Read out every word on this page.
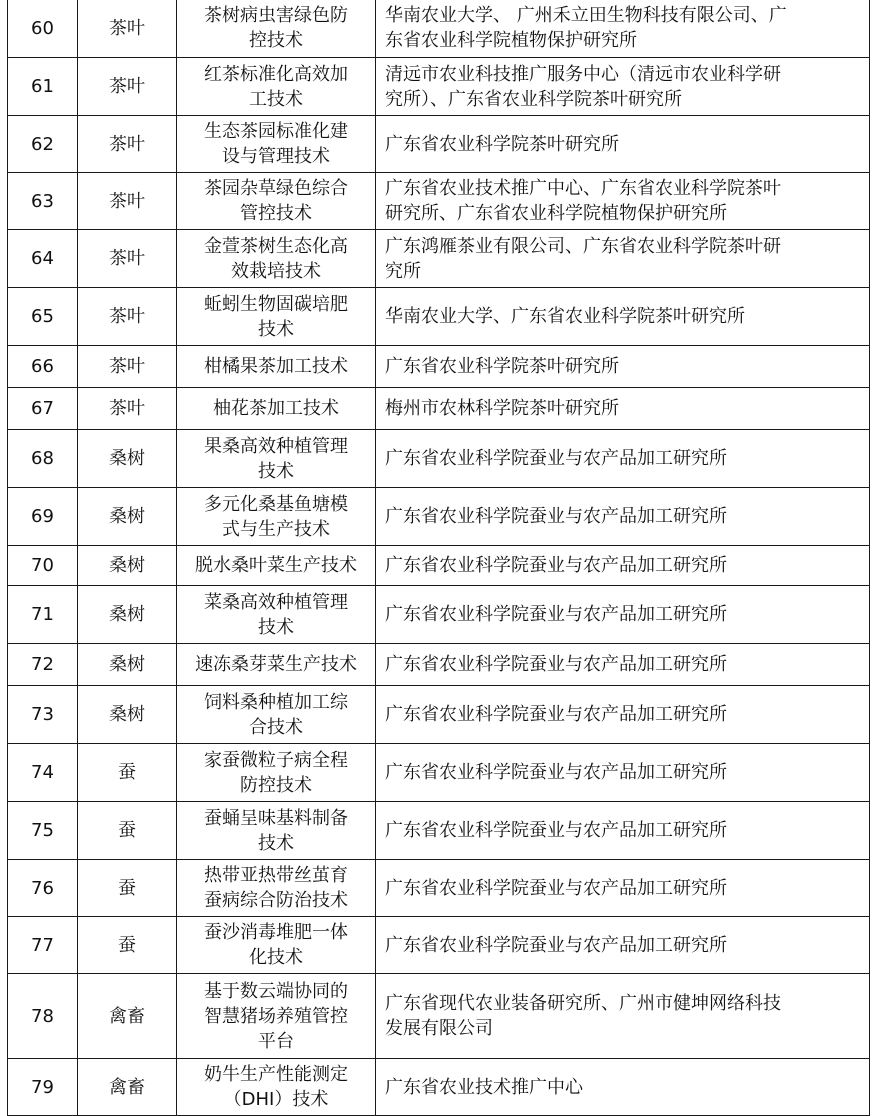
60	茶叶	茶树病虫害绿色防
控技术	华南农业大学、 广州禾立田生物科技有限公司、广
东省农业科学院植物保护研究所

61	茶叶	红茶标准化高效加
工技术	清远市农业科技推广服务中心（清远市农业科学研
究所）、广东省农业科学院茶叶研究所

62	茶叶	生态茶园标准化建
设与管理技术	广东省农业科学院茶叶研究所

63	茶叶	茶园杂草绿色综合
管控技术	广东省农业技术推广中心、广东省农业科学院茶叶
研究所、广东省农业科学院植物保护研究所

64	茶叶	金萱茶树生态化高
效栽培技术	广东鸿雁茶业有限公司、广东省农业科学院茶叶研
究所

65	茶叶	蚯蚓生物固碳培肥
技术	华南农业大学、广东省农业科学院茶叶研究所

66	茶叶	柑橘果茶加工技术	广东省农业科学院茶叶研究所

67	茶叶	柚花茶加工技术	梅州市农林科学院茶叶研究所

68	桑树	果桑高效种植管理
技术	广东省农业科学院蚕业与农产品加工研究所

69	桑树	多元化桑基鱼塘模
式与生产技术	广东省农业科学院蚕业与农产品加工研究所

70	桑树	脱水桑叶菜生产技术	广东省农业科学院蚕业与农产品加工研究所

71	桑树	菜桑高效种植管理
技术	广东省农业科学院蚕业与农产品加工研究所

72	桑树	速冻桑芽菜生产技术	广东省农业科学院蚕业与农产品加工研究所

73	桑树	饲料桑种植加工综
合技术	广东省农业科学院蚕业与农产品加工研究所

74	蚕	家蚕微粒子病全程
防控技术	广东省农业科学院蚕业与农产品加工研究所

75	蚕	蚕蛹呈味基料制备
技术	广东省农业科学院蚕业与农产品加工研究所

76	蚕	热带亚热带丝茧育
蚕病综合防治技术	广东省农业科学院蚕业与农产品加工研究所

77	蚕	蚕沙消毒堆肥一体
化技术	广东省农业科学院蚕业与农产品加工研究所

78	禽畜	基于数云端协同的
智慧猪场养殖管控
平台	广东省现代农业装备研究所、广州市健坤网络科技
发展有限公司

79	禽畜	奶牛生产性能测定
（DHI）技术	广东省农业技术推广中心
